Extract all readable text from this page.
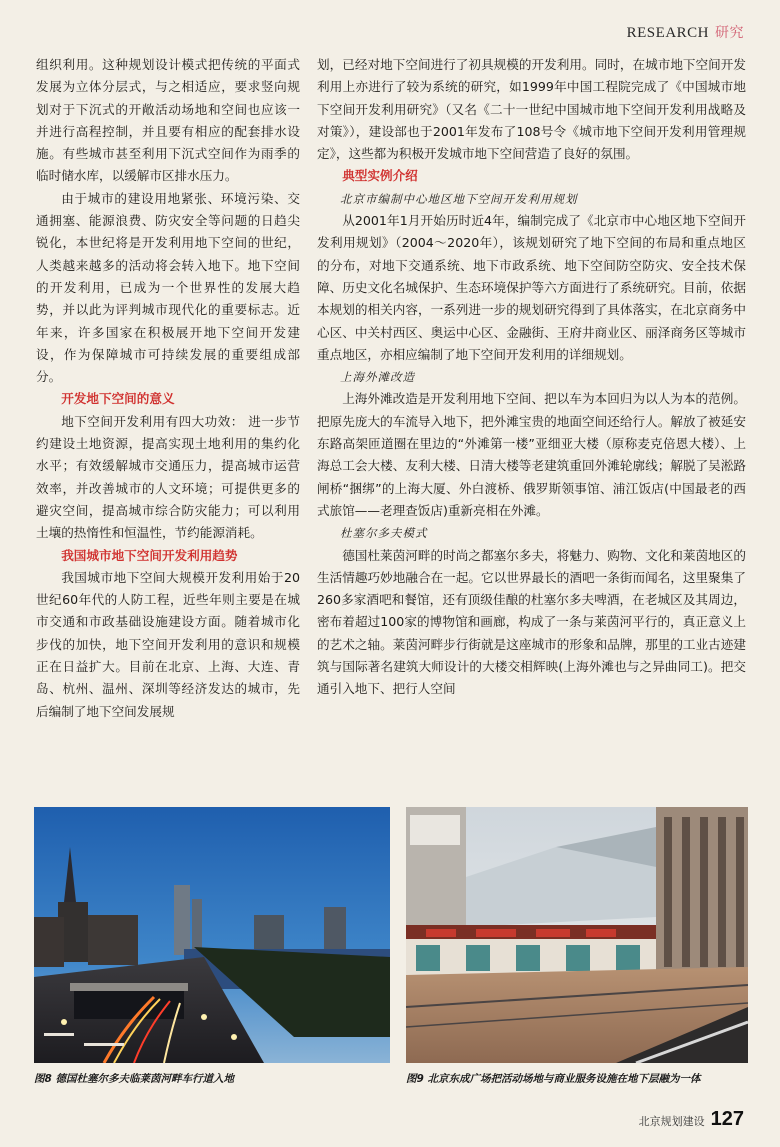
RESEARCH 研究

组织利用。这种规划设计模式把传统的平面式发展为立体分层式，与之相适应，要求竖向规划对于下沉式的开敞活动场地和空间也应该一并进行高程控制，并且要有相应的配套排水设施。有些城市甚至利用下沉式空间作为雨季的临时储水库，以缓解市区排水压力。

由于城市的建设用地紧张、环境污染、交通拥塞、能源浪费、防灾安全等问题的日趋尖锐化，本世纪将是开发利用地下空间的世纪，人类越来越多的活动将会转入地下。地下空间的开发利用，已成为一个世界性的发展大趋势，并以此为评判城市现代化的重要标志。近年来，许多国家在积极展开地下空间开发建设，作为保障城市可持续发展的重要组成部分。

开发地下空间的意义

地下空间开发利用有四大功效： 进一步节约建设土地资源，提高实现土地利用的集约化水平；有效缓解城市交通压力，提高城市运营效率，并改善城市的人文环境；可提供更多的避灾空间，提高城市综合防灾能力；可以利用土壤的热惰性和恒温性，节约能源消耗。

我国城市地下空间开发利用趋势

我国城市地下空间大规模开发利用始于20世纪60年代的人防工程，近些年则主要是在城市交通和市政基础设施建设方面。随着城市化步伐的加快，地下空间开发利用的意识和规模正在日益扩大。目前在北京、上海、大连、青岛、杭州、温州、深圳等经济发达的城市，先后编制了地下空间发展规

划，已经对地下空间进行了初具规模的开发利用。同时，在城市地下空间开发利用上亦进行了较为系统的研究，如1999年中国工程院完成了《中国城市地下空间开发利用研究》（又名《二十一世纪中国城市地下空间开发利用战略及对策》），建设部也于2001年发布了108号令《城市地下空间开发利用管理规定》，这些都为积极开发城市地下空间营造了良好的氛围。

典型实例介绍

北京市编制中心地区地下空间开发利用规划

从2001年1月开始历时近4年，编制完成了《北京市中心地区地下空间开发利用规划》（2004～2020年），该规划研究了地下空间的布局和重点地区的分布，对地下交通系统、地下市政系统、地下空间防空防灾、安全技术保障、历史文化名城保护、生态环境保护等六方面进行了系统研究。目前，依据本规划的相关内容，一系列进一步的规划研究得到了具体落实，在北京商务中心区、中关村西区、奥运中心区、金融街、王府井商业区、丽泽商务区等城市重点地区，亦相应编制了地下空间开发利用的详细规划。

上海外滩改造

上海外滩改造是开发利用地下空间、把以车为本回归为以人为本的范例。把原先庞大的车流导入地下，把外滩宝贵的地面空间还给行人。解放了被延安东路高架匝道圈在里边的“外滩第一楼”亚细亚大楼（原称麦克倍恩大楼）、上海总工会大楼、友利大楼、日清大楼等老建筑重回外滩轮廓线；解脱了吴淞路闸桥“捆绑”的上海大厦、外白渡桥、俄罗斯领事馆、浦江饭店(中国最老的西式旅馆——老理查饭店)重新亮相在外滩。

杜塞尔多夫模式

德国杜莱茵河畔的时尚之都塞尔多夫，将魅力、购物、文化和莱茵地区的生活情趣巧妙地融合在一起。它以世界最长的酒吧一条街而闻名，这里聚集了260多家酒吧和餐馆，还有顶级佳酿的杜塞尔多夫啤酒，在老城区及其周边，密布着超过100家的博物馆和画廊，构成了一条与莱茵河平行的，真正意义上的艺术之轴。莱茵河畔步行街就是这座城市的形象和品牌，那里的工业古迹建筑与国际著名建筑大师设计的大楼交相辉映(上海外滩也与之异曲同工)。把交通引入地下、把行人空间

图8 德国杜塞尔多夫临莱茵河畔车行道入地	图9 北京东成广场把活动场地与商业服务设施在地下层融为一体
北京规划建设 127
